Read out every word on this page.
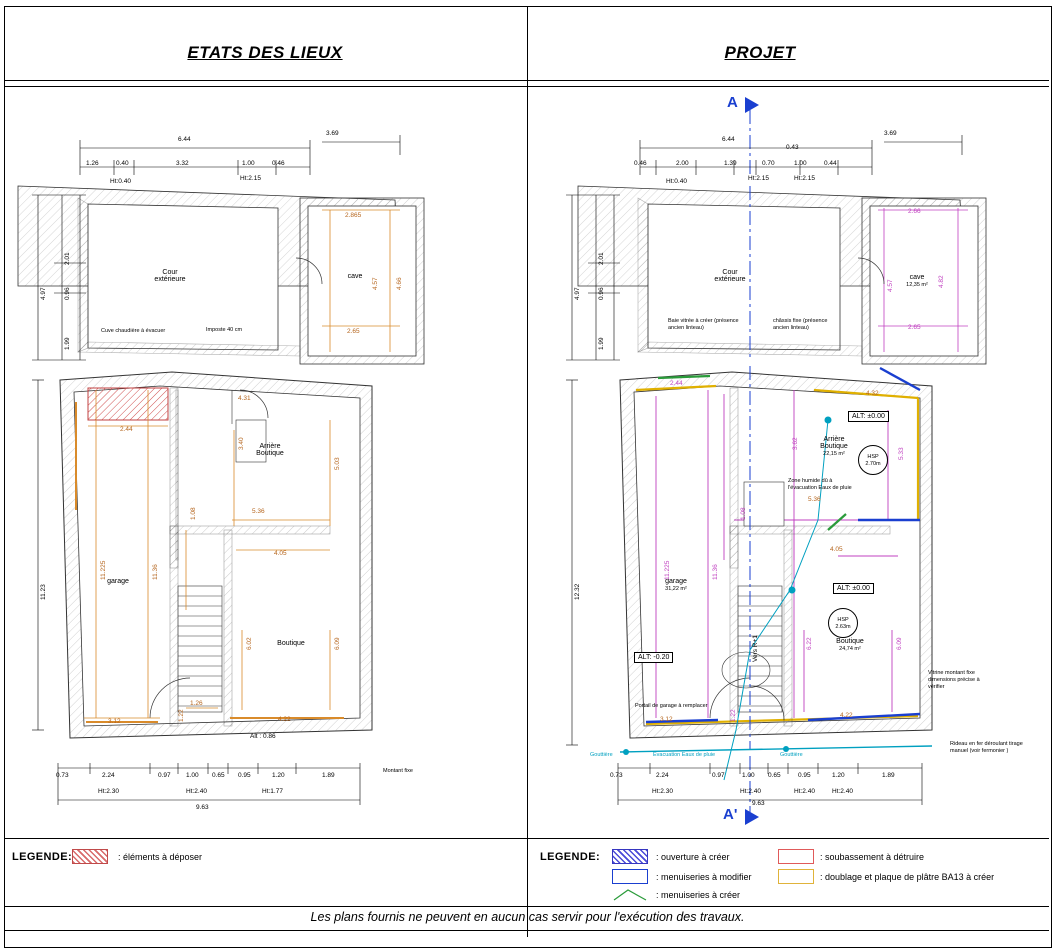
ETATS DES LIEUX	PROJET
Les plans fournis ne peuvent en aucun cas servir pour l'exécution des travaux.
Cour
extérieure	cave
Arrière
Boutique
garage
Boutique
Cuve chaudière à évacuer	Imposte 40 cm
Montant fixe
6.44
3.69
1.26	0.40	3.32	1.00	0.46
Ht:0.40	Ht:2.15
2.01
0.96
1.99
4.97
11.23
2.44
11.225	11.36
3.40
5.03
1.08	5.36
4.05
6.02	6.09
1.26
3.12	1.22	4.22
4.31
2.865
4.66
4.57
2.65
Alt : 0.86
0.73	2.24	0.97 1.00 0.65 0.95	1.20	1.89
Ht:2.30	Ht:2.40	Ht:1.77
9.63
A
A'
Cour
extérieure	cave
12,35 m²
Arrière
Boutique
22,15 m²
garage
31,22 m²
Boutique
24,74 m²
Baie vitrée à créer (présence
ancien linteau)
châssis fixe (présence
ancien linteau)
Zone humide dû à
l'évacuation Eaux de pluie
Vitrine montant fixe
dimensions précise à
vérifier
Rideau en fer déroulant tirage
manuel (voir fermonier )
Portail de garage à remplacer
Vers R+1
Gouttière	Evacuation Eaux de pluie	Gouttière
ALT: ±0.00
ALT: ±0.00
ALT: -0.20
HSP
2.70m
HSP
2.63m
6.44
0.43
3.69
0.46	2.00	1.39	0.70	1.00	0.44
Ht:0.40	Ht:2.15	Ht:2.15
2.01
0.96
1.99
4.97
12.32
2.44
11.225	11.36
3.62
4.32
5.33
1.08
5.36
4.05
6.22	6.09
1.22
3.12
4.22
2.66
2.65
4.57	4.82
0.73	2.24	0.97	1.00 0.65	0.95	1.20	1.89
Ht:2.30	Ht:2.40	Ht:2.40	Ht:2.40
9.63
LEGENDE:	: éléments à déposer	LEGENDE:	: ouverture à créer
: menuiseries à modifier
: menuiseries à créer
: soubassement à détruire
: doublage et plaque de plâtre BA13 à créer
